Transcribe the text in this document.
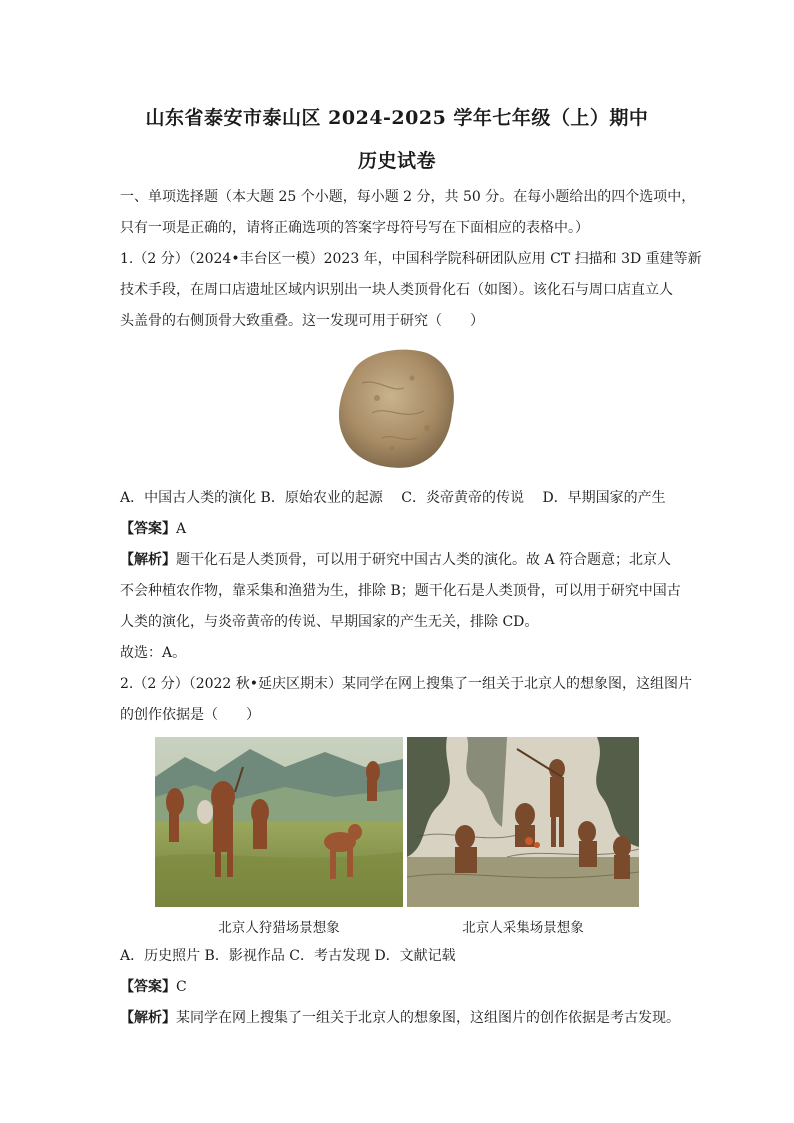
山东省泰安市泰山区 2024-2025 学年七年级（上）期中
历史试卷
一、单项选择题（本大题 25 个小题，每小题 2 分，共 50 分。在每小题给出的四个选项中，
只有一项是正确的，请将正确选项的答案字母符号写在下面相应的表格中。）
1.（2 分）（2024•丰台区一模）2023 年，中国科学院科研团队应用 CT 扫描和 3D 重建等新
技术手段，在周口店遗址区域内识别出一块人类顶骨化石（如图）。该化石与周口店直立人
头盖骨的右侧顶骨大致重叠。这一发现可用于研究（　　）
A．中国古人类的演化 B．原始农业的起源　 C．炎帝黄帝的传说　 D．早期国家的产生
【答案】A
【解析】题干化石是人类顶骨，可以用于研究中国古人类的演化。故 A 符合题意；北京人
不会种植农作物，靠采集和渔猎为生，排除 B；题干化石是人类顶骨，可以用于研究中国古
人类的演化，与炎帝黄帝的传说、早期国家的产生无关，排除 CD。
故选：A。
2.（2 分）（2022 秋•延庆区期末）某同学在网上搜集了一组关于北京人的想象图，这组图片
的创作依据是（　　）
北京人狩猎场景想象	北京人采集场景想象
A．历史照片 B．影视作品 C．考古发现 D．文献记载
【答案】C
【解析】某同学在网上搜集了一组关于北京人的想象图，这组图片的创作依据是考古发现。
